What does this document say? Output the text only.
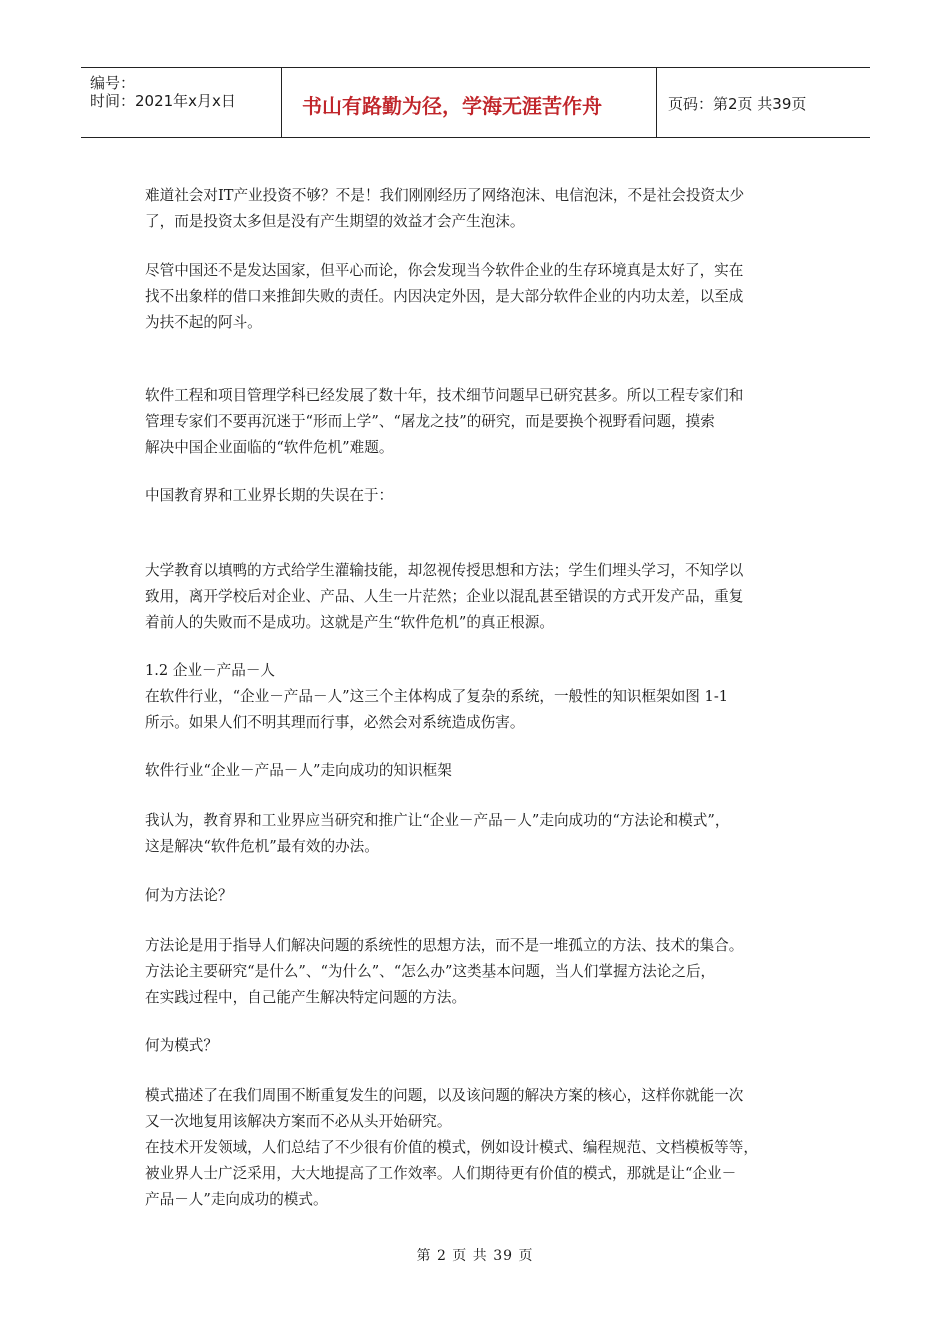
编号：
时间：2021年x月x日	书山有路勤为径，学海无涯苦作舟	页码：第2页 共39页
难道社会对IT产业投资不够？不是！我们刚刚经历了网络泡沫、电信泡沫，不是社会投资太少
了，而是投资太多但是没有产生期望的效益才会产生泡沫。
尽管中国还不是发达国家，但平心而论，你会发现当今软件企业的生存环境真是太好了，实在
找不出象样的借口来推卸失败的责任。内因决定外因，是大部分软件企业的内功太差，以至成
为扶不起的阿斗。
软件工程和项目管理学科已经发展了数十年，技术细节问题早已研究甚多。所以工程专家们和
管理专家们不要再沉迷于“形而上学”、“屠龙之技”的研究，而是要换个视野看问题，摸索
解决中国企业面临的“软件危机”难题。
中国教育界和工业界长期的失误在于：
大学教育以填鸭的方式给学生灌输技能，却忽视传授思想和方法；学生们埋头学习，不知学以
致用，离开学校后对企业、产品、人生一片茫然；企业以混乱甚至错误的方式开发产品，重复
着前人的失败而不是成功。这就是产生“软件危机”的真正根源。
1.2 企业－产品－人
在软件行业，“企业－产品－人”这三个主体构成了复杂的系统，一般性的知识框架如图 1-1
所示。如果人们不明其理而行事，必然会对系统造成伤害。
软件行业“企业－产品－人”走向成功的知识框架
我认为，教育界和工业界应当研究和推广让“企业－产品－人”走向成功的“方法论和模式”，
这是解决“软件危机”最有效的办法。
何为方法论？
方法论是用于指导人们解决问题的系统性的思想方法，而不是一堆孤立的方法、技术的集合。
方法论主要研究“是什么”、“为什么”、“怎么办”这类基本问题，当人们掌握方法论之后，
在实践过程中，自己能产生解决特定问题的方法。
何为模式？
模式描述了在我们周围不断重复发生的问题，以及该问题的解决方案的核心，这样你就能一次
又一次地复用该解决方案而不必从头开始研究。
在技术开发领域，人们总结了不少很有价值的模式，例如设计模式、编程规范、文档模板等等，
被业界人士广泛采用，大大地提高了工作效率。人们期待更有价值的模式，那就是让“企业－
产品－人”走向成功的模式。
第 2 页 共 39 页
